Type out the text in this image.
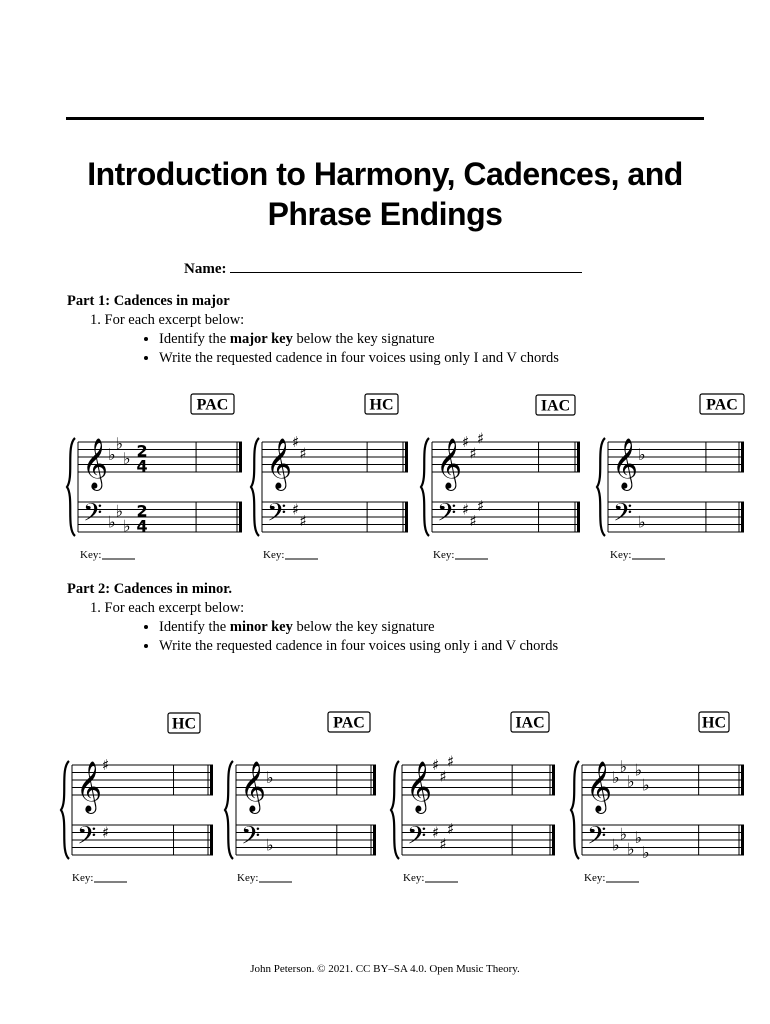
Introduction to Harmony, Cadences, and Phrase Endings
Name:
Part 1: Cadences in major
1. For each excerpt below:
• Identify the major key below the key signature
• Write the requested cadence in four voices using only I and V chords
Part 2: Cadences in minor.
1. For each excerpt below:
• Identify the minor key below the key signature
• Write the requested cadence in four voices using only i and V chords
PAC
𝄞
𝄢
♭
♭
♭
♭
♭
♭
2
4
2
4
Key:
HC
𝄞
𝄢
♯
♯
♯
♯
Key:
IAC
𝄞
𝄢
♯
♯
♯
♯
♯
♯
Key:
PAC
𝄞
𝄢
♭
♭
Key:
HC
𝄞
𝄢
♯
♯
Key:
PAC
𝄞
𝄢
♭
♭
Key:
IAC
𝄞
𝄢
♯
♯
♯
♯
♯
♯
Key:
HC
𝄞
𝄢
♭
♭
♭
♭
♭
♭
♭
♭
♭
♭
Key:
John Peterson. © 2021. CC BY–SA 4.0. Open Music Theory.
